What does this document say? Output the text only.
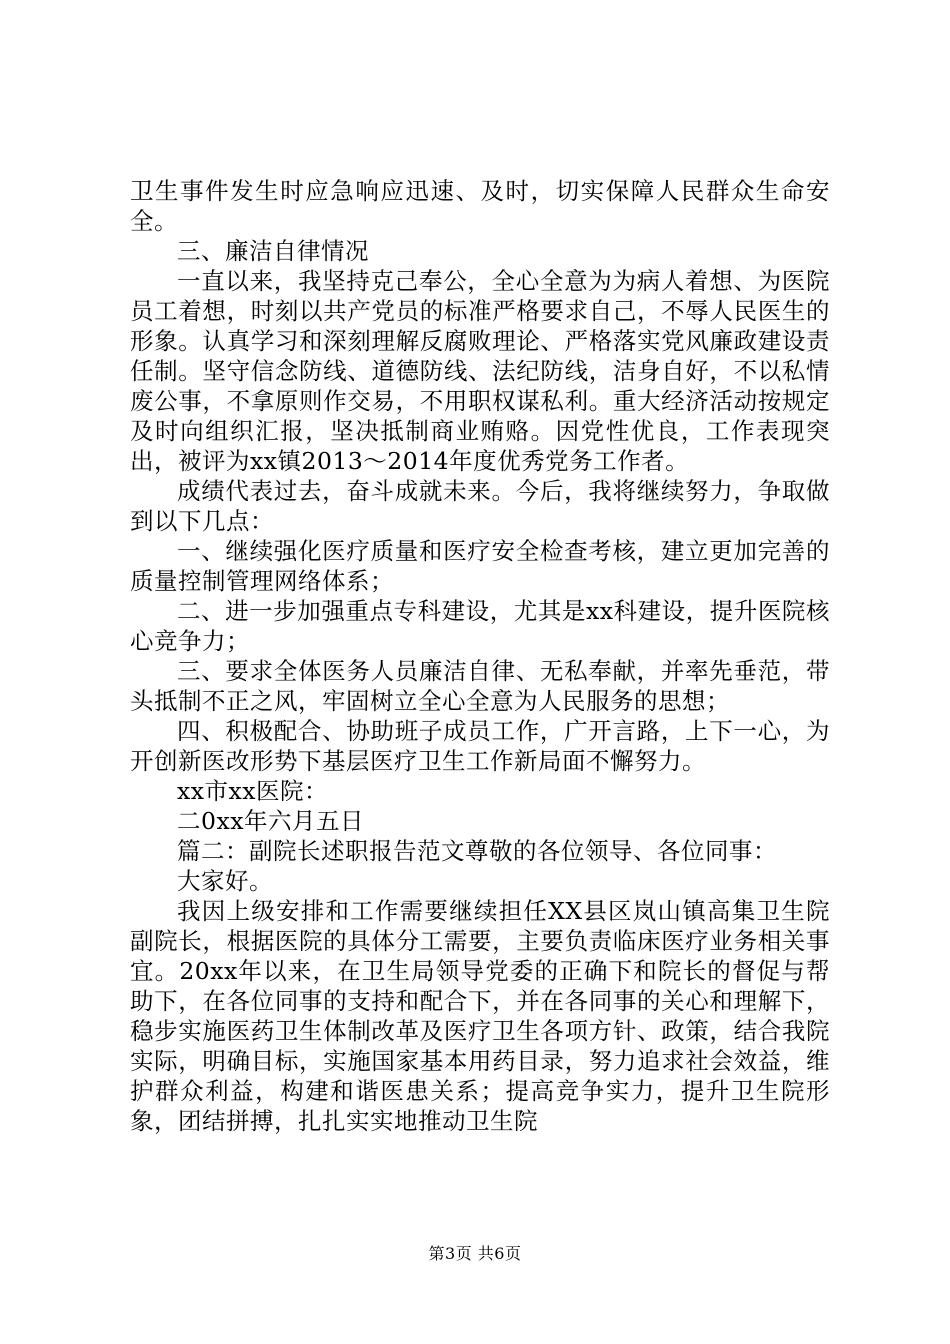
卫生事件发生时应急响应迅速、及时，切实保障人民群众生命安全。

三、廉洁自律情况

一直以来，我坚持克己奉公，全心全意为为病人着想、为医院员工着想，时刻以共产党员的标准严格要求自己，不辱人民医生的形象。认真学习和深刻理解反腐败理论、严格落实党风廉政建设责任制。坚守信念防线、道德防线、法纪防线，洁身自好，不以私情废公事，不拿原则作交易，不用职权谋私利。重大经济活动按规定及时向组织汇报，坚决抵制商业贿赂。因党性优良，工作表现突出，被评为xx镇2013～2014年度优秀党务工作者。

成绩代表过去，奋斗成就未来。今后，我将继续努力，争取做到以下几点：

一、继续强化医疗质量和医疗安全检查考核，建立更加完善的质量控制管理网络体系；

二、进一步加强重点专科建设，尤其是xx科建设，提升医院核心竞争力；

三、要求全体医务人员廉洁自律、无私奉献，并率先垂范，带头抵制不正之风，牢固树立全心全意为人民服务的思想；

四、积极配合、协助班子成员工作，广开言路，上下一心，为开创新医改形势下基层医疗卫生工作新局面不懈努力。

xx市xx医院：

二0xx年六月五日

篇二：副院长述职报告范文尊敬的各位领导、各位同事：

大家好。

我因上级安排和工作需要继续担任XX县区岚山镇高集卫生院副院长，根据医院的具体分工需要，主要负责临床医疗业务相关事宜。20xx年以来，在卫生局领导党委的正确下和院长的督促与帮助下，在各位同事的支持和配合下，并在各同事的关心和理解下，稳步实施医药卫生体制改革及医疗卫生各项方针、政策，结合我院实际，明确目标，实施国家基本用药目录，努力追求社会效益，维护群众利益，构建和谐医患关系；提高竞争实力，提升卫生院形象，团结拼搏，扎扎实实地推动卫生院

第3页 共6页
